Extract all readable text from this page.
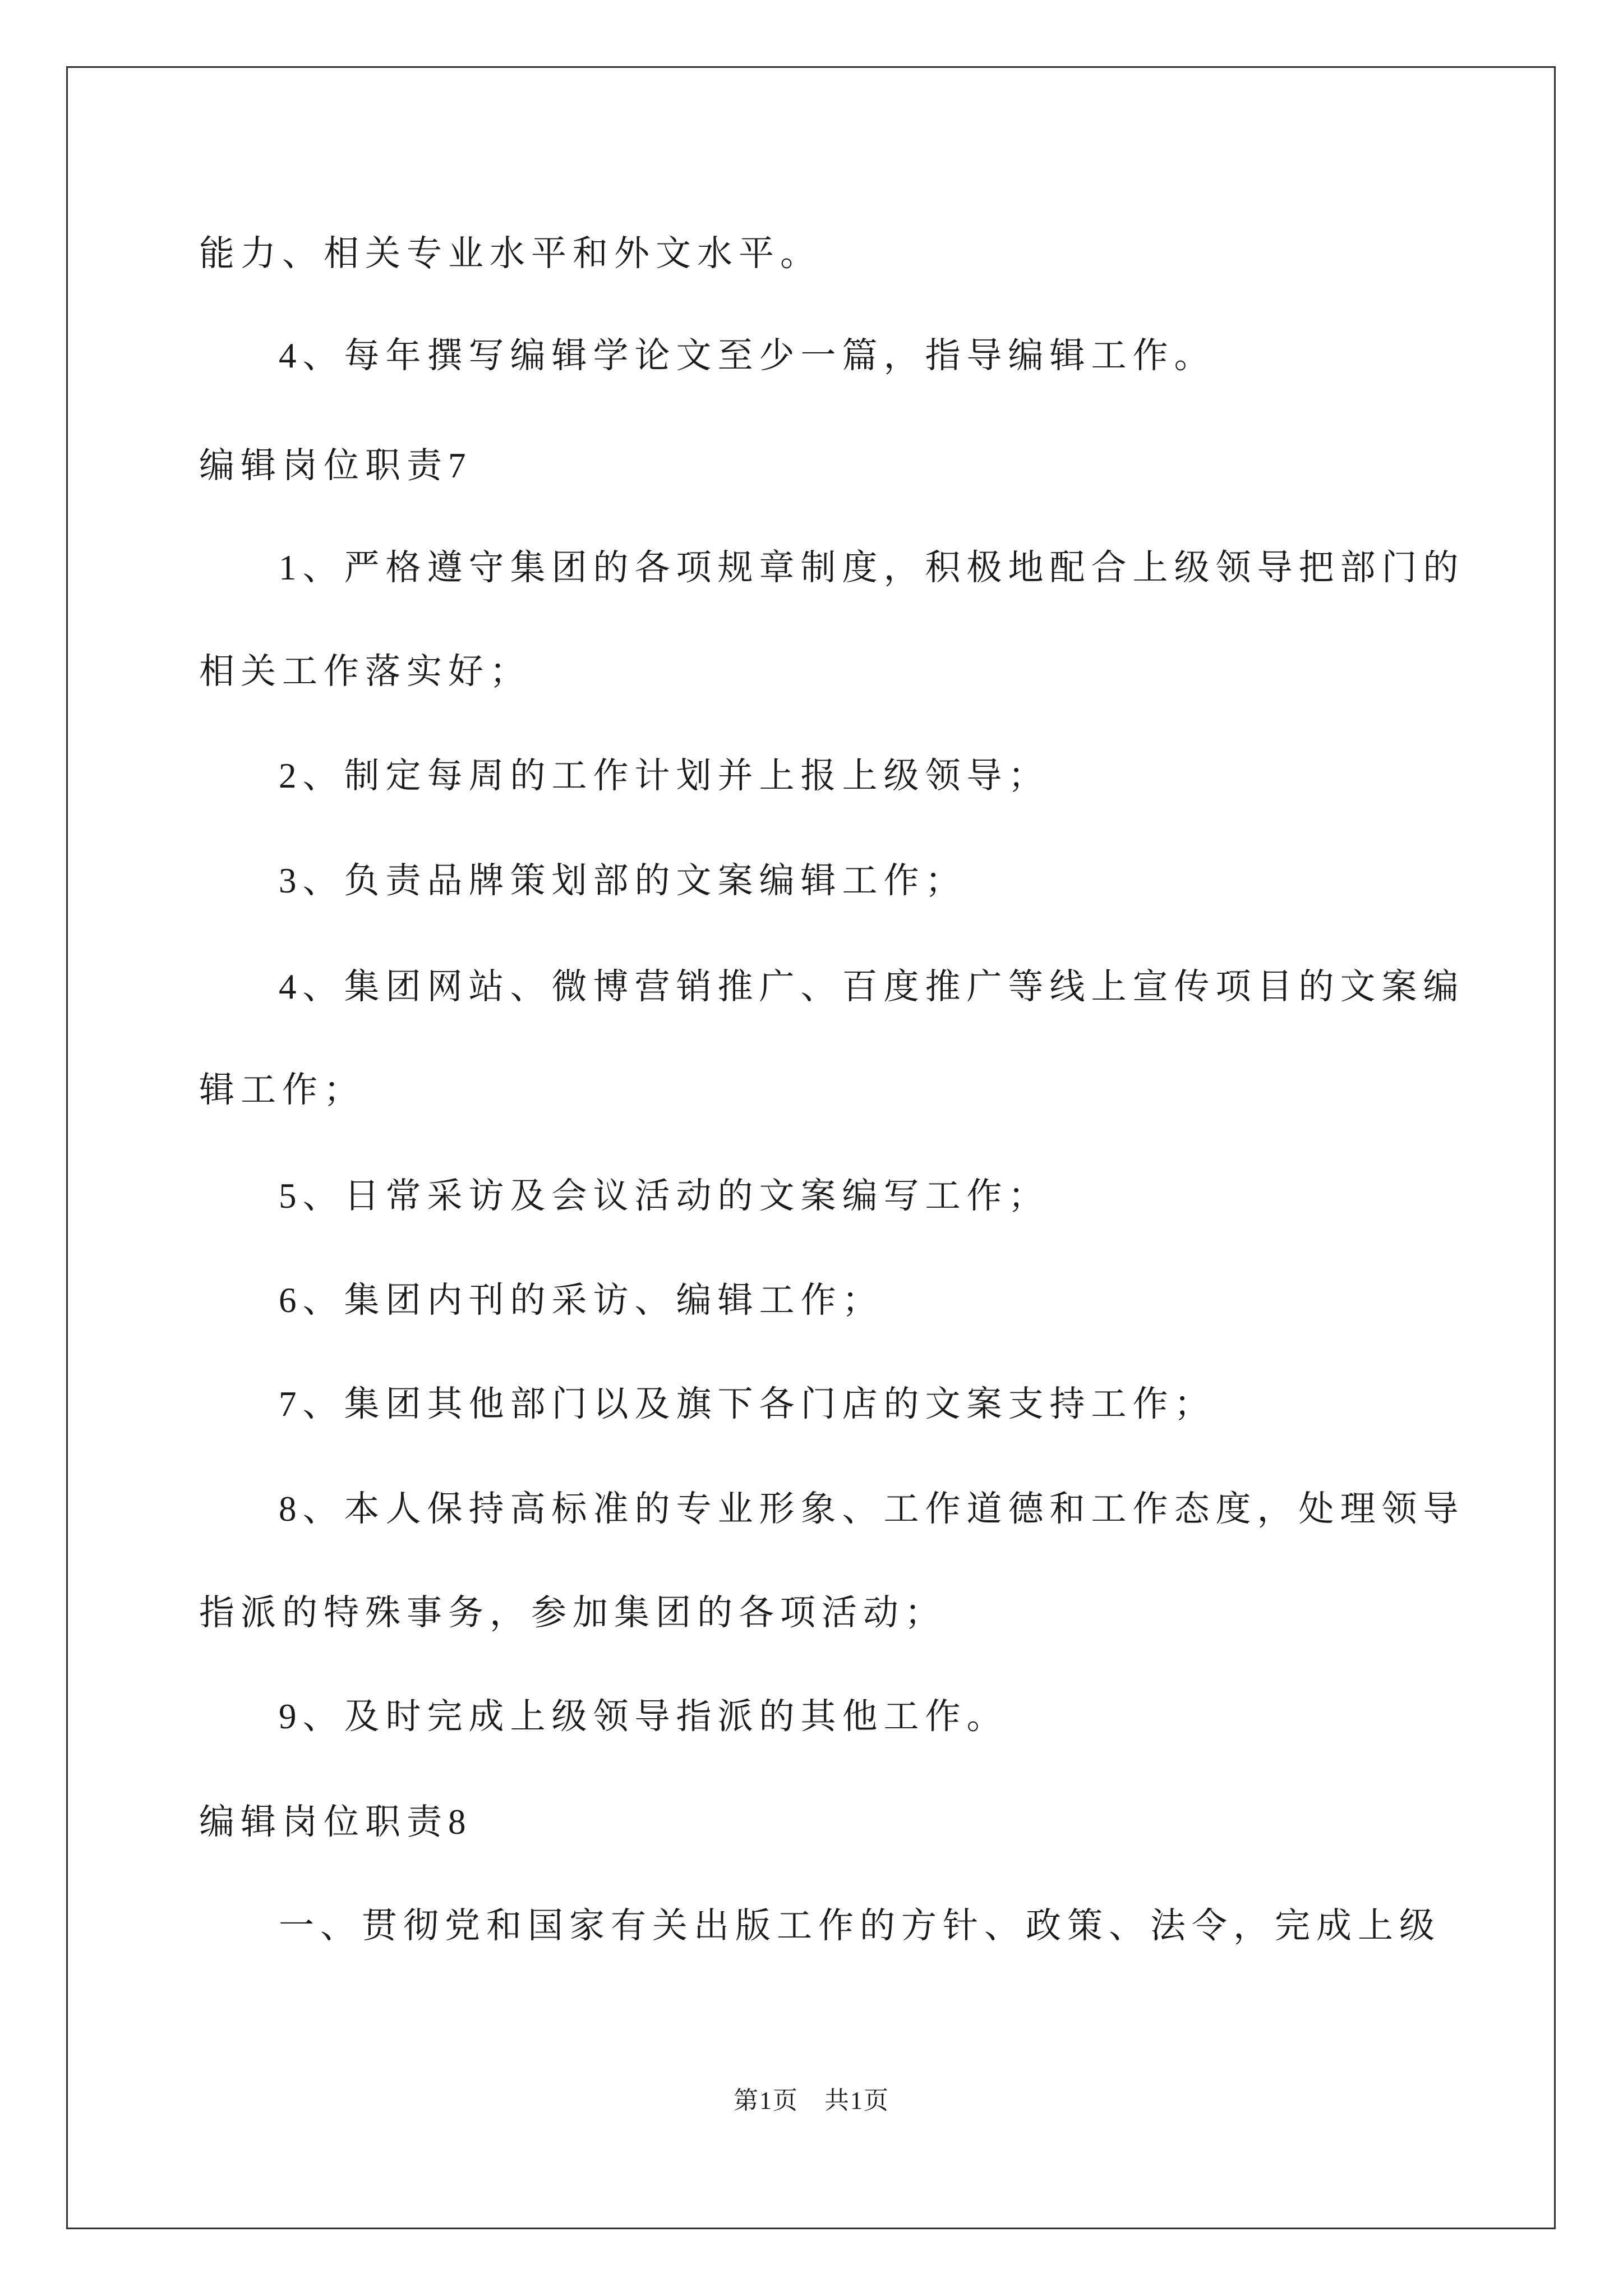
能力、相关专业水平和外文水平。
4、每年撰写编辑学论文至少一篇，指导编辑工作。
编辑岗位职责7
1、严格遵守集团的各项规章制度，积极地配合上级领导把部门的
相关工作落实好；
2、制定每周的工作计划并上报上级领导；
3、负责品牌策划部的文案编辑工作；
4、集团网站、微博营销推广、百度推广等线上宣传项目的文案编
辑工作；
5、日常采访及会议活动的文案编写工作；
6、集团内刊的采访、编辑工作；
7、集团其他部门以及旗下各门店的文案支持工作；
8、本人保持高标准的专业形象、工作道德和工作态度，处理领导
指派的特殊事务，参加集团的各项活动；
9、及时完成上级领导指派的其他工作。
编辑岗位职责8
一、贯彻党和国家有关出版工作的方针、政策、法令，完成上级
第1页　共1页
